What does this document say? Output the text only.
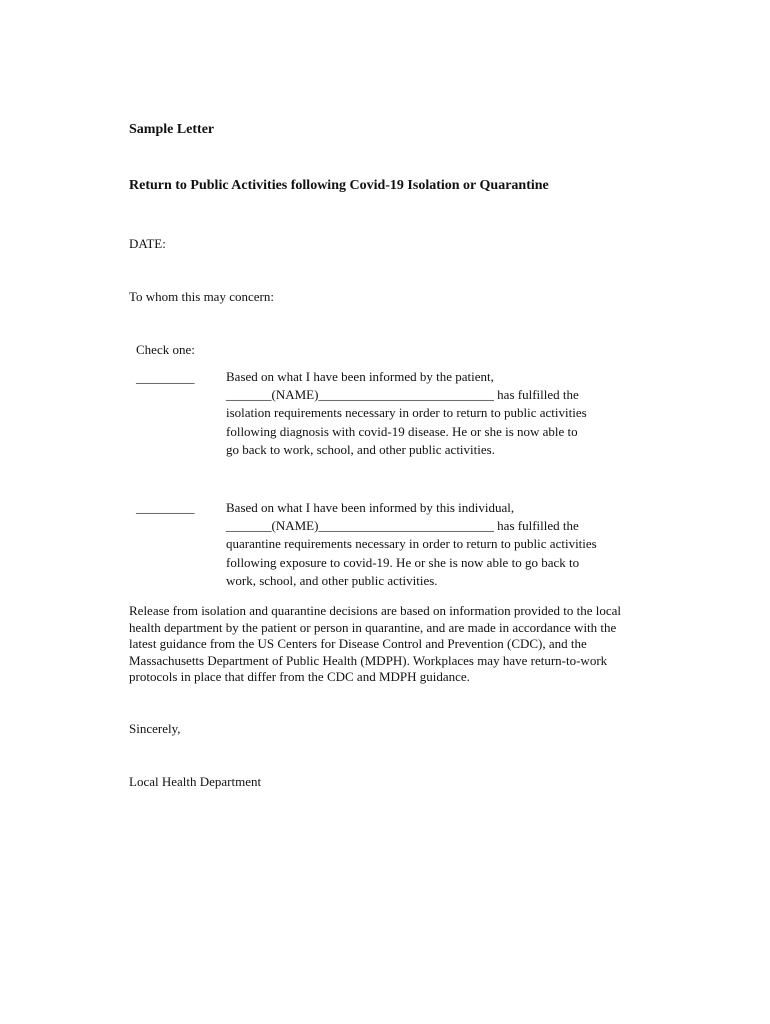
Sample Letter
Return to Public Activities following Covid-19 Isolation or Quarantine
DATE:
To whom this may concern:
Check one:
_________ Based on what I have been informed by the patient,
_______(NAME)___________________________ has fulfilled the
isolation requirements necessary in order to return to public activities
following diagnosis with covid-19 disease. He or she is now able to
go back to work, school, and other public activities.
_________ Based on what I have been informed by this individual,
_______(NAME)___________________________ has fulfilled the
quarantine requirements necessary in order to return to public activities
following exposure to covid-19. He or she is now able to go back to
work, school, and other public activities.
Release from isolation and quarantine decisions are based on information provided to the local
health department by the patient or person in quarantine, and are made in accordance with the
latest guidance from the US Centers for Disease Control and Prevention (CDC), and the
Massachusetts Department of Public Health (MDPH). Workplaces may have return-to-work
protocols in place that differ from the CDC and MDPH guidance.
Sincerely,
Local Health Department
